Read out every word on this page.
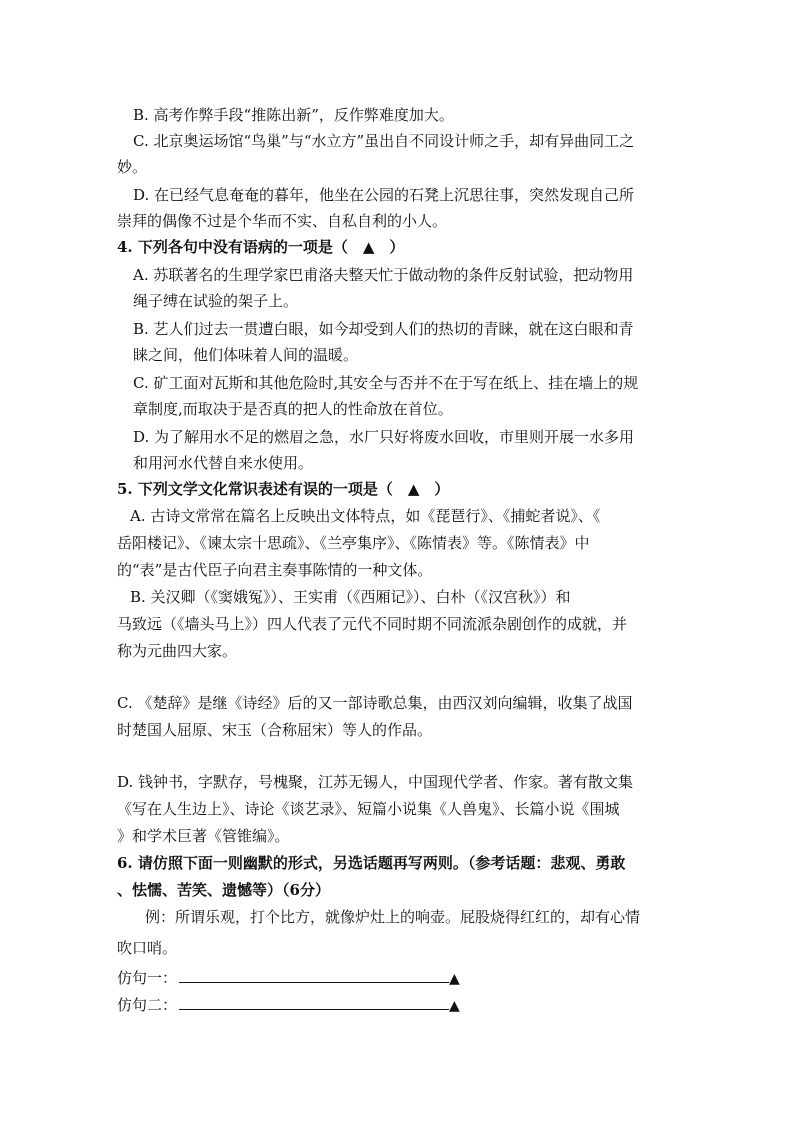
B. 高考作弊手段“推陈出新”，反作弊难度加大。
C. 北京奥运场馆“鸟巢”与“水立方”虽出自不同设计师之手，却有异曲同工之
妙。
D. 在已经气息奄奄的暮年，他坐在公园的石凳上沉思往事，突然发现自己所
崇拜的偶像不过是个华而不实、自私自利的小人。
4. 下列各句中没有语病的一项是（　▲　）
A. 苏联著名的生理学家巴甫洛夫整天忙于做动物的条件反射试验，把动物用
绳子缚在试验的架子上。
B. 艺人们过去一贯遭白眼，如今却受到人们的热切的青睐，就在这白眼和青
睐之间，他们体味着人间的温暖。
C. 矿工面对瓦斯和其他危险时,其安全与否并不在于写在纸上、挂在墙上的规
章制度,而取决于是否真的把人的性命放在首位。
D. 为了解用水不足的燃眉之急，水厂只好将废水回收，市里则开展一水多用
和用河水代替自来水使用。
5. 下列文学文化常识表述有误的一项是（　▲　）
A. 古诗文常常在篇名上反映出文体特点，如《琵琶行》、《捕蛇者说》、《
岳阳楼记》、《谏太宗十思疏》、《兰亭集序》、《陈情表》等。《陈情表》中
的“表”是古代臣子向君主奏事陈情的一种文体。
B. 关汉卿（《窦娥冤》）、王实甫（《西厢记》）、白朴（《汉宫秋》）和
马致远（《墙头马上》）四人代表了元代不同时期不同流派杂剧创作的成就，并
称为元曲四大家。
C. 《楚辞》是继《诗经》后的又一部诗歌总集，由西汉刘向编辑，收集了战国
时楚国人屈原、宋玉（合称屈宋）等人的作品。
D. 钱钟书，字默存，号槐聚，江苏无锡人，中国现代学者、作家。著有散文集
《写在人生边上》、诗论《谈艺录》、短篇小说集《人兽鬼》、长篇小说《围城
》和学术巨著《管锥编》。
6. 请仿照下面一则幽默的形式，另选话题再写两则。（参考话题：悲观、勇敢
、怯懦、苦笑、遗憾等）（6分）
例：所谓乐观，打个比方，就像炉灶上的响壶。屁股烧得红红的，却有心情
吹口哨。
仿句一：	▲
仿句二：	▲
